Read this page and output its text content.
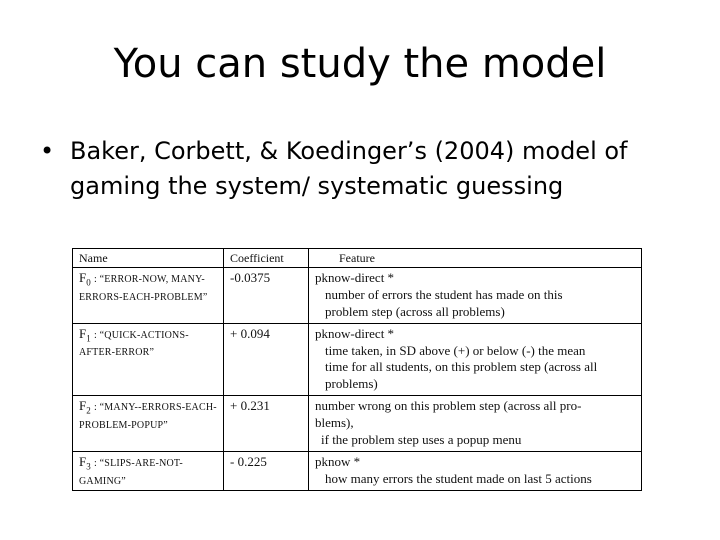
You can study the model
• Baker, Corbett, & Koedinger’s (2004) model of gaming the system/ systematic guessing
Name	Coefficient	Feature
$F_0$ : “ERROR-NOW, MANY-ERRORS-EACH-PROBLEM”	-0.0375	pknow-direct *
number of errors the student has made on this
problem step (across all problems)

$F_1$ : “QUICK-ACTIONS-AFTER-ERROR”	+ 0.094	pknow-direct *
time taken, in SD above (+) or below (-) the mean
time for all students, on this problem step (across all
problems)

$F_2$ : “MANY--ERRORS-EACH-PROBLEM-POPUP”	+ 0.231	number wrong on this problem step (across all pro-
blems),
if the problem step uses a popup menu

$F_3$ : “SLIPS-ARE-NOT-GAMING”	- 0.225	pknow *
how many errors the student made on last 5 actions
